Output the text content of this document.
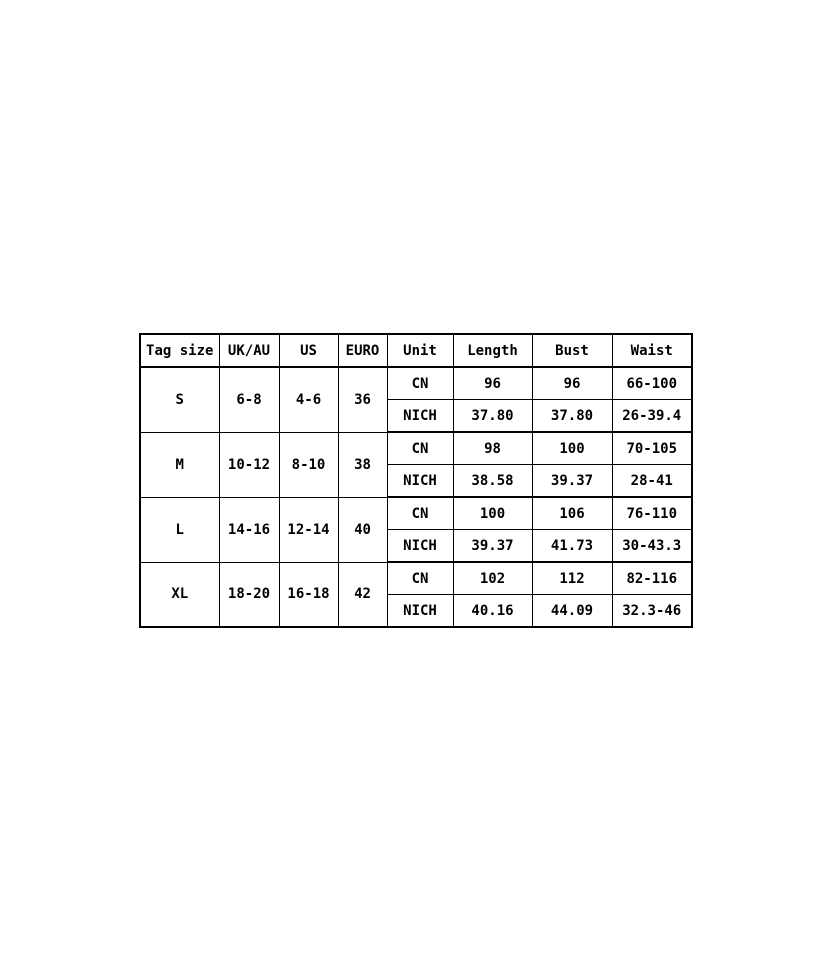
Tag size	UK/AU	US	EURO	Unit	Length	Bust	Waist
S	6-8	4-6	36	CN	96	96	66-100
				NICH	37.80	37.80	26-39.4
M	10-12	8-10	38	CN	98	100	70-105
				NICH	38.58	39.37	28-41
L	14-16	12-14	40	CN	100	106	76-110
				NICH	39.37	41.73	30-43.3
XL	18-20	16-18	42	CN	102	112	82-116
				NICH	40.16	44.09	32.3-46
